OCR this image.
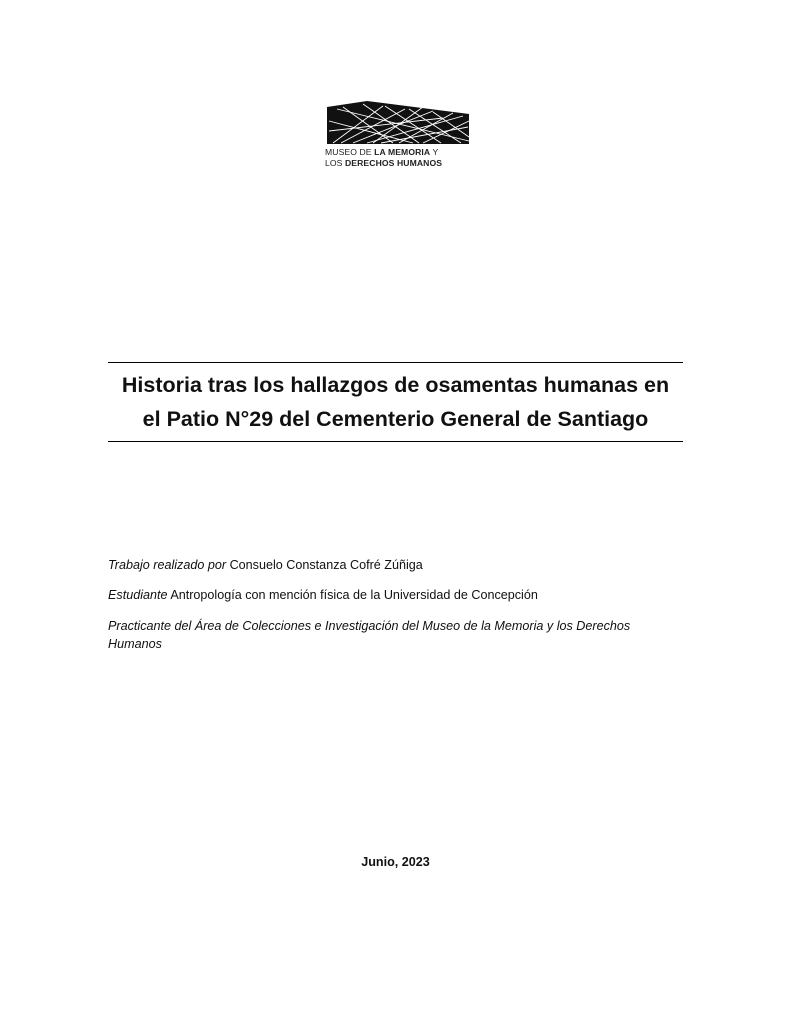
MUSEO DE LA MEMORIA Y
LOS DERECHOS HUMANOS
Historia tras los hallazgos de osamentas humanas en
el Patio N°29 del Cementerio General de Santiago
Trabajo realizado por Consuelo Constanza Cofré Zúñiga
Estudiante Antropología con mención física de la Universidad de Concepción
Practicante del Área de Colecciones e Investigación del Museo de la Memoria y los Derechos Humanos
Junio, 2023
